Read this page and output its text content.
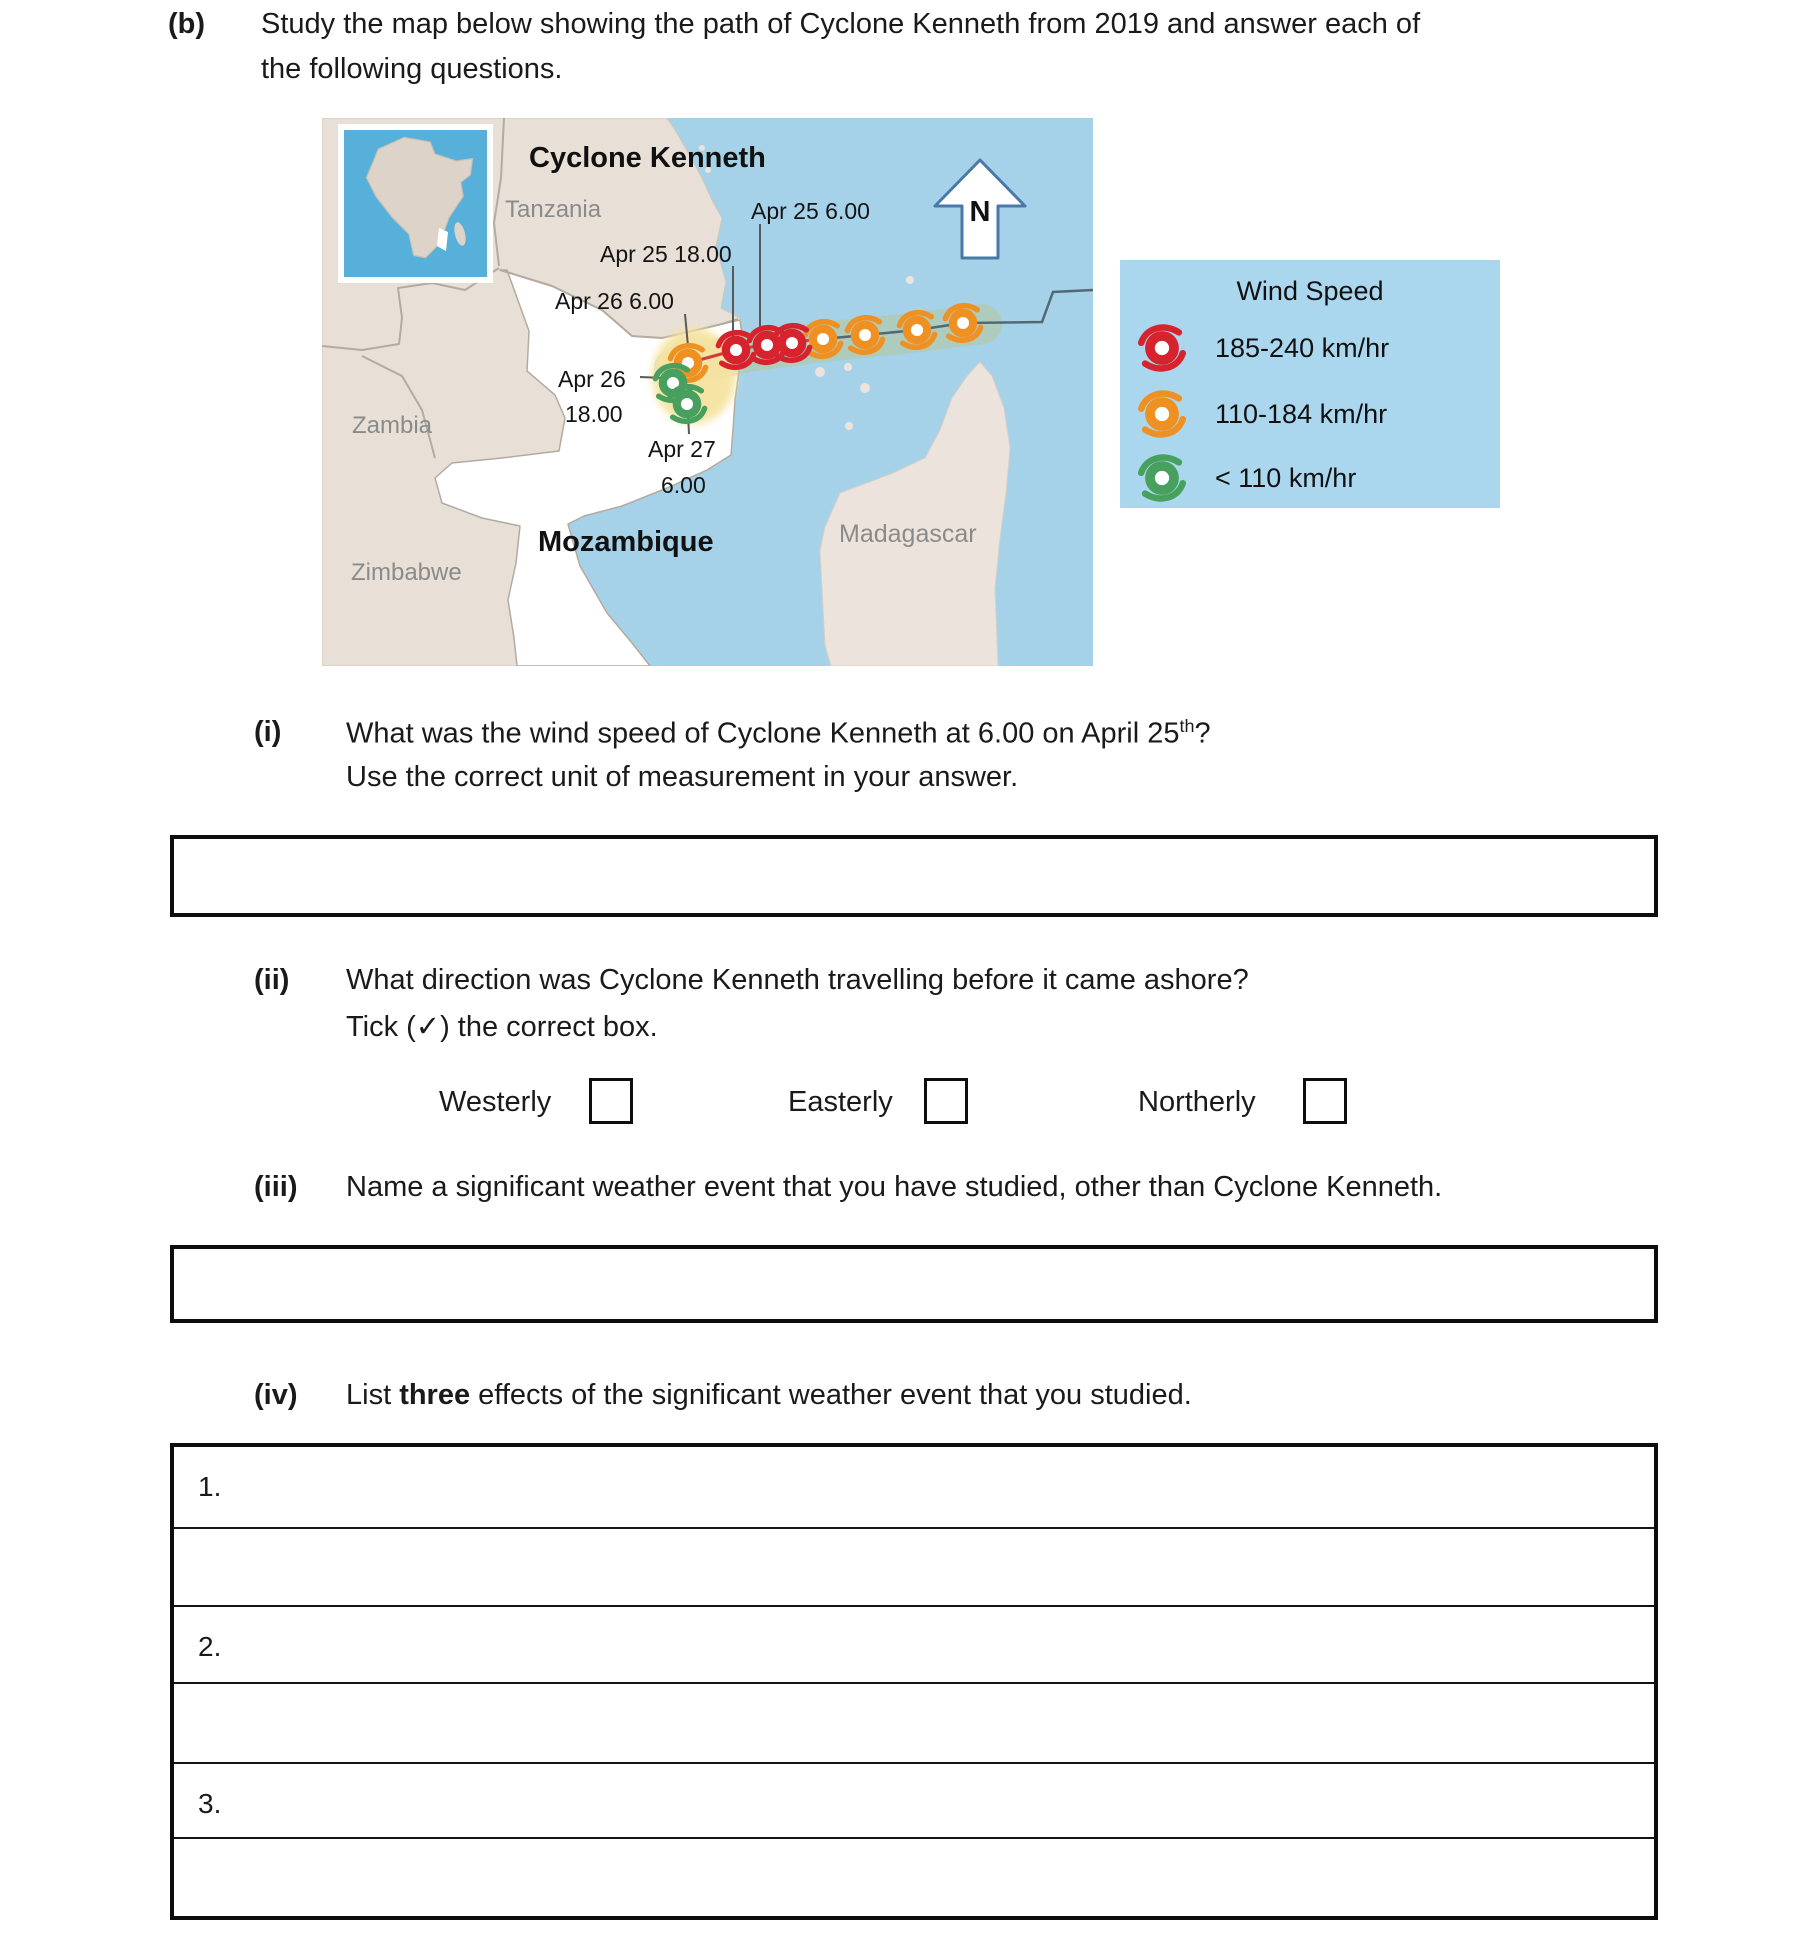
(b) Study the map below showing the path of Cyclone Kenneth from 2019 and answer each of
the following questions.
Cyclone Kenneth
Tanzania
Zambia
Zimbabwe
Mozambique	Madagascar
N
Apr 25 6.00
Apr 25 18.00
Apr 26 6.00
Apr 26
18.00
Apr 27
6.00
Wind Speed
185-240 km/hr
110-184 km/hr
< 110 km/hr
(i) What was the wind speed of Cyclone Kenneth at 6.00 on April 25th?
Use the correct unit of measurement in your answer.
(ii) What direction was Cyclone Kenneth travelling before it came ashore?
Tick (✓) the correct box.
Westerly	Easterly	Northerly
(iii) Name a significant weather event that you have studied, other than Cyclone Kenneth.
(iv) List three effects of the significant weather event that you studied.
1.
2.
3.
